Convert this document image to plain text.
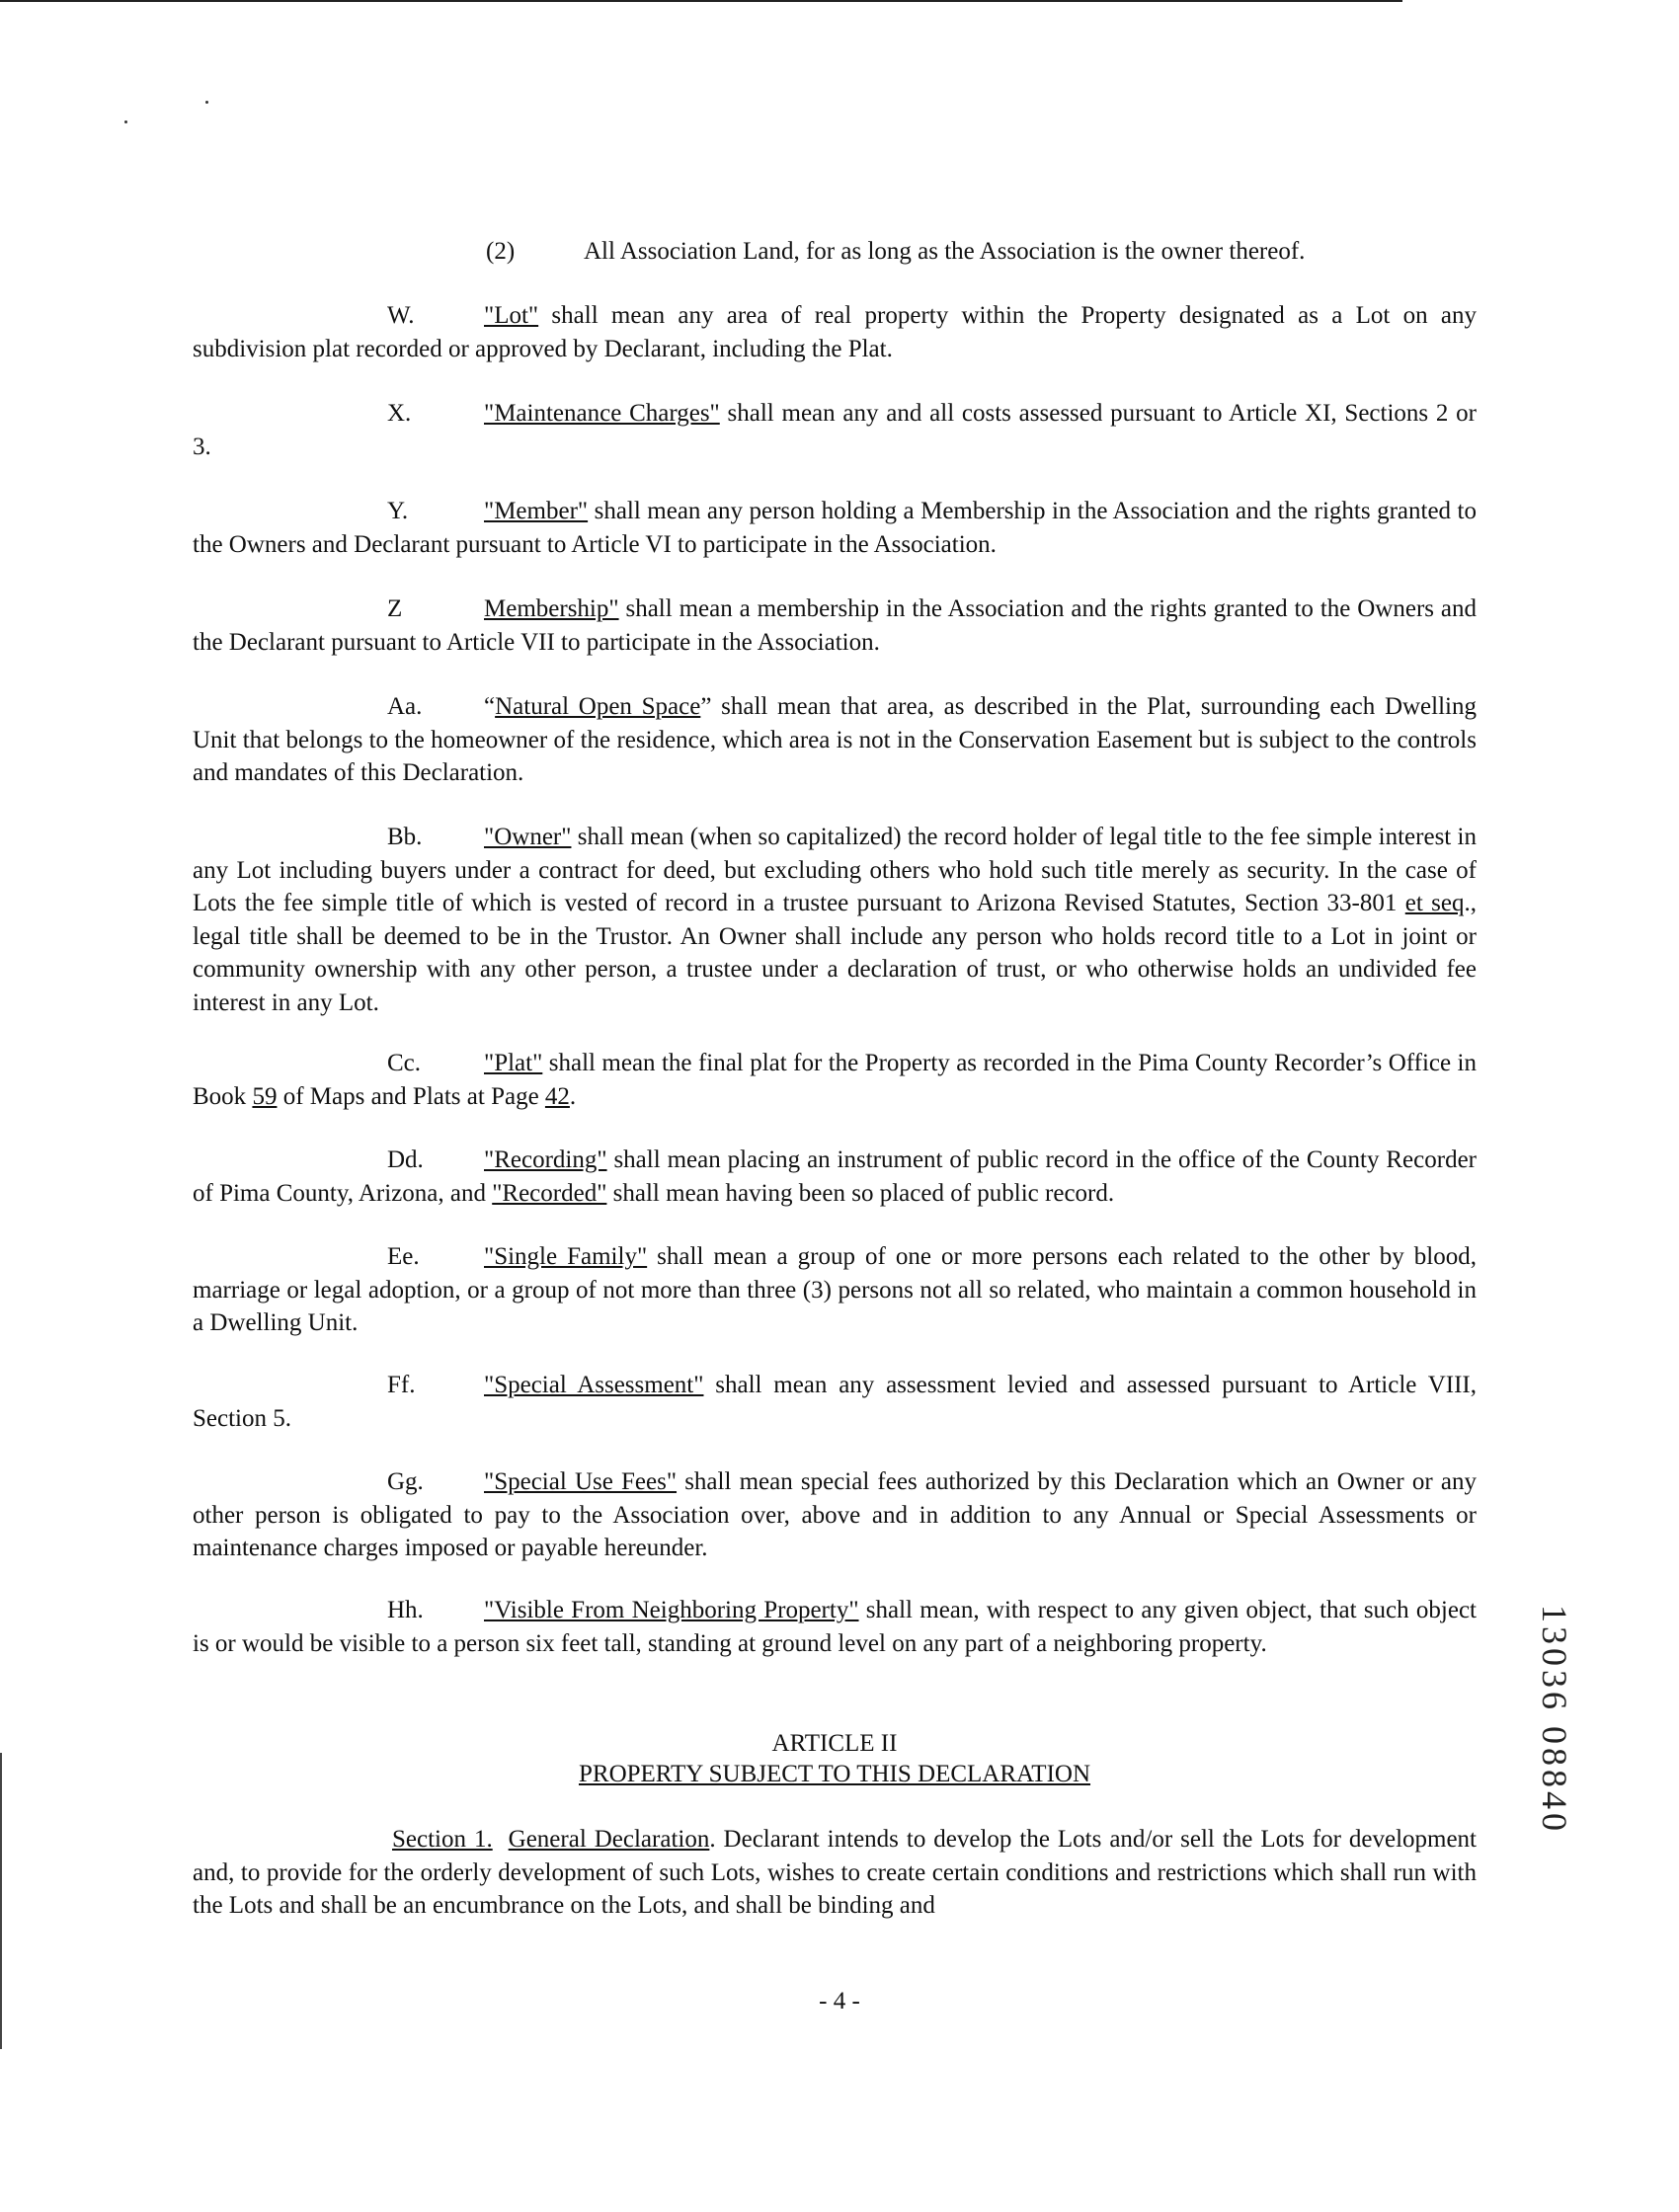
(2)	All Association Land, for as long as the Association is the owner thereof.

W.	"Lot" shall mean any area of real property within the Property designated as a Lot on any subdivision plat recorded or approved by Declarant, including the Plat.

X.	"Maintenance Charges" shall mean any and all costs assessed pursuant to Article XI, Sections 2 or 3.

Y.	"Member" shall mean any person holding a Membership in the Association and the rights granted to the Owners and Declarant pursuant to Article VI to participate in the Association.

Z	Membership" shall mean a membership in the Association and the rights granted to the Owners and the Declarant pursuant to Article VII to participate in the Association.

Aa.	“Natural Open Space” shall mean that area, as described in the Plat, surrounding each Dwelling Unit that belongs to the homeowner of the residence, which area is not in the Conservation Easement but is subject to the controls and mandates of this Declaration.

Bb.	"Owner" shall mean (when so capitalized) the record holder of legal title to the fee simple interest in any Lot including buyers under a contract for deed, but excluding others who hold such title merely as security. In the case of Lots the fee simple title of which is vested of record in a trustee pursuant to Arizona Revised Statutes, Section 33-801 et seq., legal title shall be deemed to be in the Trustor. An Owner shall include any person who holds record title to a Lot in joint or community ownership with any other person, a trustee under a declaration of trust, or who otherwise holds an undivided fee interest in any Lot.

Cc.	"Plat" shall mean the final plat for the Property as recorded in the Pima County Recorder’s Office in Book 59 of Maps and Plats at Page 42.

Dd. "Recording" shall mean placing an instrument of public record in the office of the County Recorder of Pima County, Arizona, and "Recorded" shall mean having been so placed of public record.

Ee.	"Single Family" shall mean a group of one or more persons each related to the other by blood, marriage or legal adoption, or a group of not more than three (3) persons not all so related, who maintain a common household in a Dwelling Unit.

Ff.	"Special Assessment" shall mean any assessment levied and assessed pursuant to Article VIII, Section 5.

Gg. "Special Use Fees" shall mean special fees authorized by this Declaration which an Owner or any other person is obligated to pay to the Association over, above and in addition to any Annual or Special Assessments or maintenance charges imposed or payable hereunder.

Hh. "Visible From Neighboring Property" shall mean, with respect to any given object, that such object is or would be visible to a person six feet tall, standing at ground level on any part of a neighboring property.

ARTICLE II

PROPERTY SUBJECT TO THIS DECLARATION

Section 1. General Declaration. Declarant intends to develop the Lots and/or sell the Lots for development and, to provide for the orderly development of such Lots, wishes to create certain conditions and restrictions which shall run with the Lots and shall be an encumbrance on the Lots, and shall be binding and

- 4 -
13036 08840
